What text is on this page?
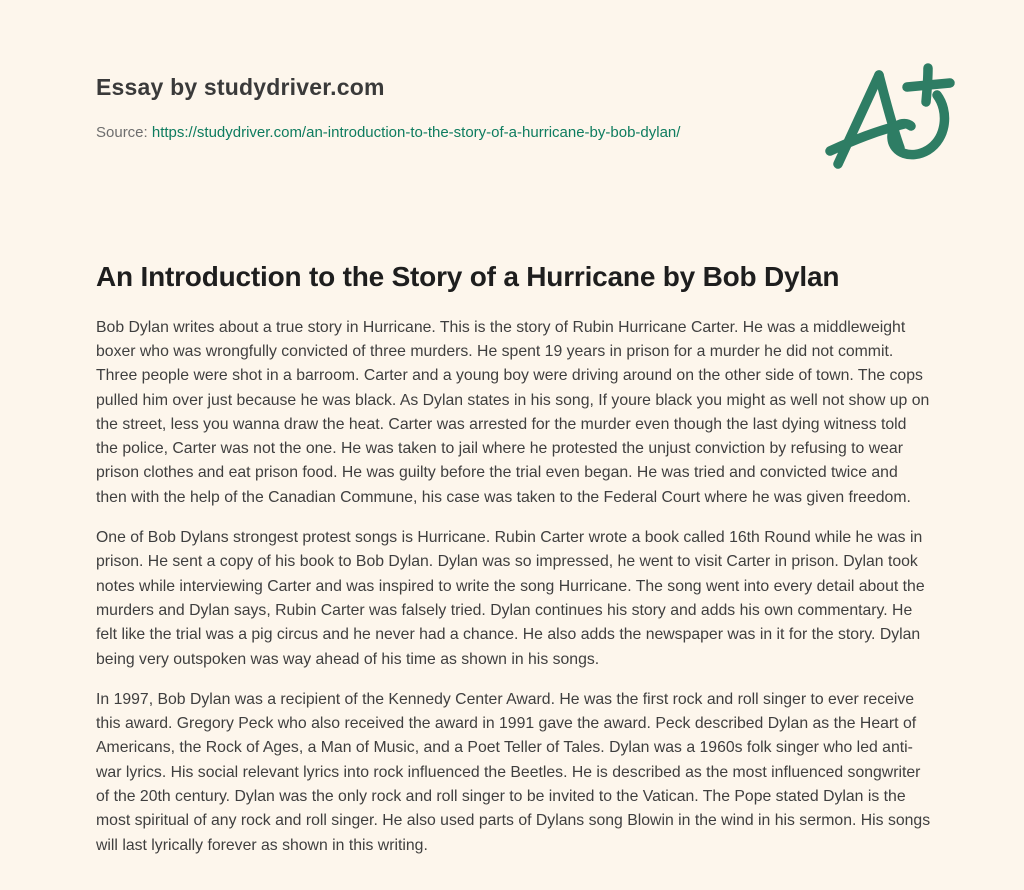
Essay by studydriver.com

Source: https://studydriver.com/an-introduction-to-the-story-of-a-hurricane-by-bob-dylan/

An Introduction to the Story of a Hurricane by Bob Dylan

Bob Dylan writes about a true story in Hurricane. This is the story of Rubin Hurricane Carter. He was a middleweight boxer who was wrongfully convicted of three murders. He spent 19 years in prison for a murder he did not commit. Three people were shot in a barroom. Carter and a young boy were driving around on the other side of town. The cops pulled him over just because he was black. As Dylan states in his song, If youre black you might as well not show up on the street, less you wanna draw the heat. Carter was arrested for the murder even though the last dying witness told the police, Carter was not the one. He was taken to jail where he protested the unjust conviction by refusing to wear prison clothes and eat prison food. He was guilty before the trial even began. He was tried and convicted twice and then with the help of the Canadian Commune, his case was taken to the Federal Court where he was given freedom.

One of Bob Dylans strongest protest songs is Hurricane. Rubin Carter wrote a book called 16th Round while he was in prison. He sent a copy of his book to Bob Dylan. Dylan was so impressed, he went to visit Carter in prison. Dylan took notes while interviewing Carter and was inspired to write the song Hurricane. The song went into every detail about the murders and Dylan says, Rubin Carter was falsely tried. Dylan continues his story and adds his own commentary. He felt like the trial was a pig circus and he never had a chance. He also adds the newspaper was in it for the story. Dylan being very outspoken was way ahead of his time as shown in his songs.

In 1997, Bob Dylan was a recipient of the Kennedy Center Award. He was the first rock and roll singer to ever receive this award. Gregory Peck who also received the award in 1991 gave the award. Peck described Dylan as the Heart of Americans, the Rock of Ages, a Man of Music, and a Poet Teller of Tales. Dylan was a 1960s folk singer who led anti-war lyrics. His social relevant lyrics into rock influenced the Beetles. He is described as the most influenced songwriter of the 20th century. Dylan was the only rock and roll singer to be invited to the Vatican. The Pope stated Dylan is the most spiritual of any rock and roll singer. He also used parts of Dylans song Blowin in the wind in his sermon. His songs will last lyrically forever as shown in this writing.
